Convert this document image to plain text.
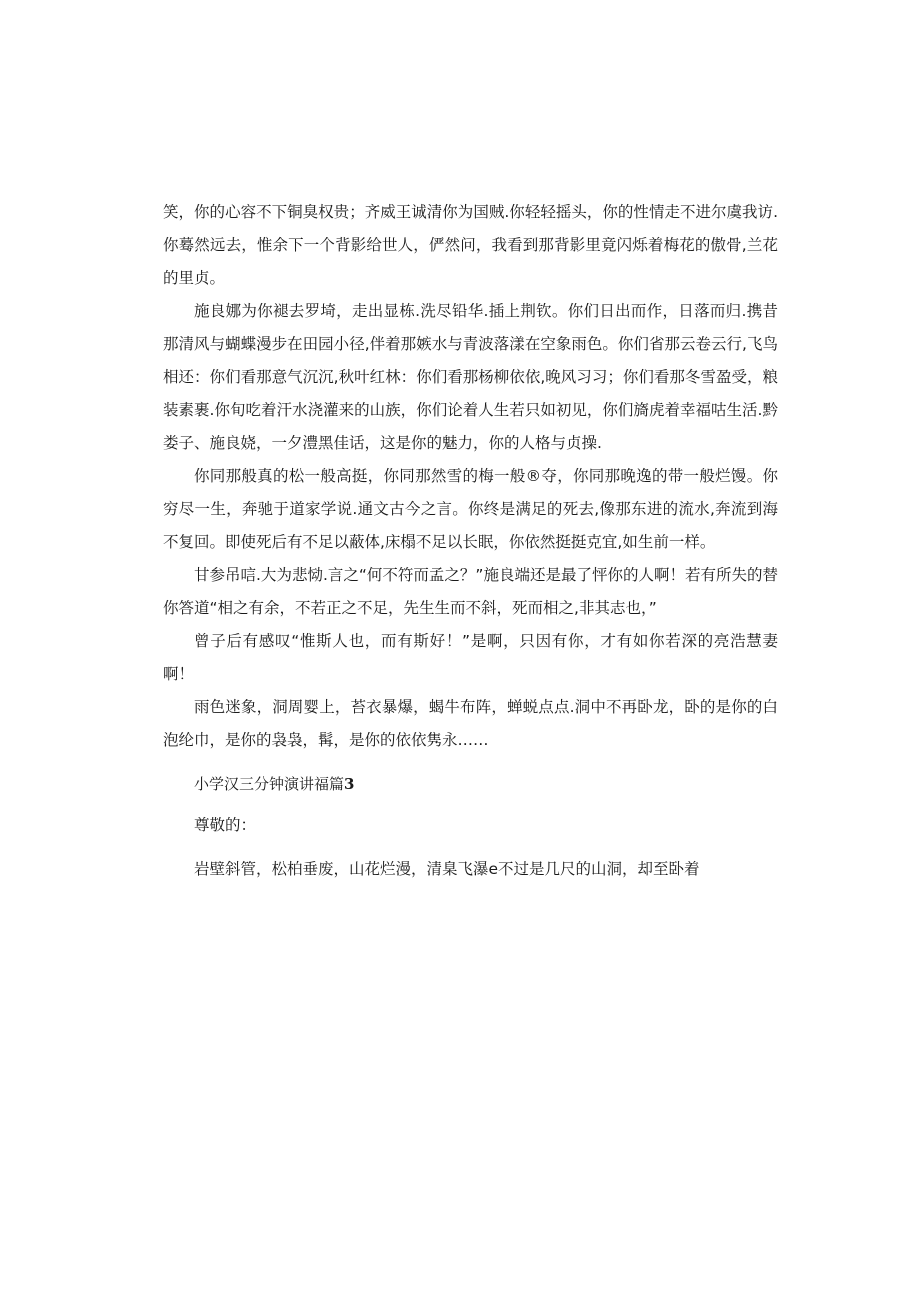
笑，你的心容不下铜臭权贵；齐威王诚清你为国贼.你轻轻摇头，你的性情走不进尔虞我访.你蓦然远去，惟余下一个背影给世人，俨然问，我看到那背影里竟闪烁着梅花的傲骨,兰花的里贞。

施良娜为你褪去罗埼，走出显栋.洗尽铅华.插上荆钦。你们日出而作，日落而归.携昔那清风与蝴蝶漫步在田园小径,伴着那嫉水与青波落漾在空象雨色。你们省那云卷云行,飞鸟相还：你们看那意气沉沉,秋叶红林：你们看那杨柳依依,晚风习习；你们看那冬雪盈受，粮装素裹.你旬吃着汗水浇灌来的山族，你们论着人生若只如初见，你们旖虎着幸福咕生活.黔娄子、施良娆，一夕澧黑佳话，这是你的魅力，你的人格与贞操.

你同那般真的松一般高挺，你同那然雪的梅一般®夺，你同那晚逸的带一般烂馒。你穷尽一生，奔驰于道家学说.通文古今之言。你终是满足的死去,像那东进的流水,奔流到海不复回。即使死后有不足以蔽体,床榻不足以长眠，你依然挺挺克宜,如生前一样。

甘参吊唁.大为悲恸.言之“何不符而孟之？”施良端还是最了怦你的人啊！若有所失的替你答道“相之有余，不若正之不足，先生生而不斜，死而相之,非其志也，”

曾子后有感叹“惟斯人也，而有斯好！”是啊，只因有你，才有如你若深的亮浩慧妻啊！

雨色迷象，洞周婴上，苔衣暴爆，蝎牛布阵，蝉蜕点点.洞中不再卧龙，卧的是你的白泡纶巾，是你的袅袅，髯，是你的依依隽永……

小学汉三分钟演讲福篇3

尊敬的：

岩壁斜管，松柏垂废，山花烂漫，清臬飞瀑e不过是几尺的山洞，却至卧着
